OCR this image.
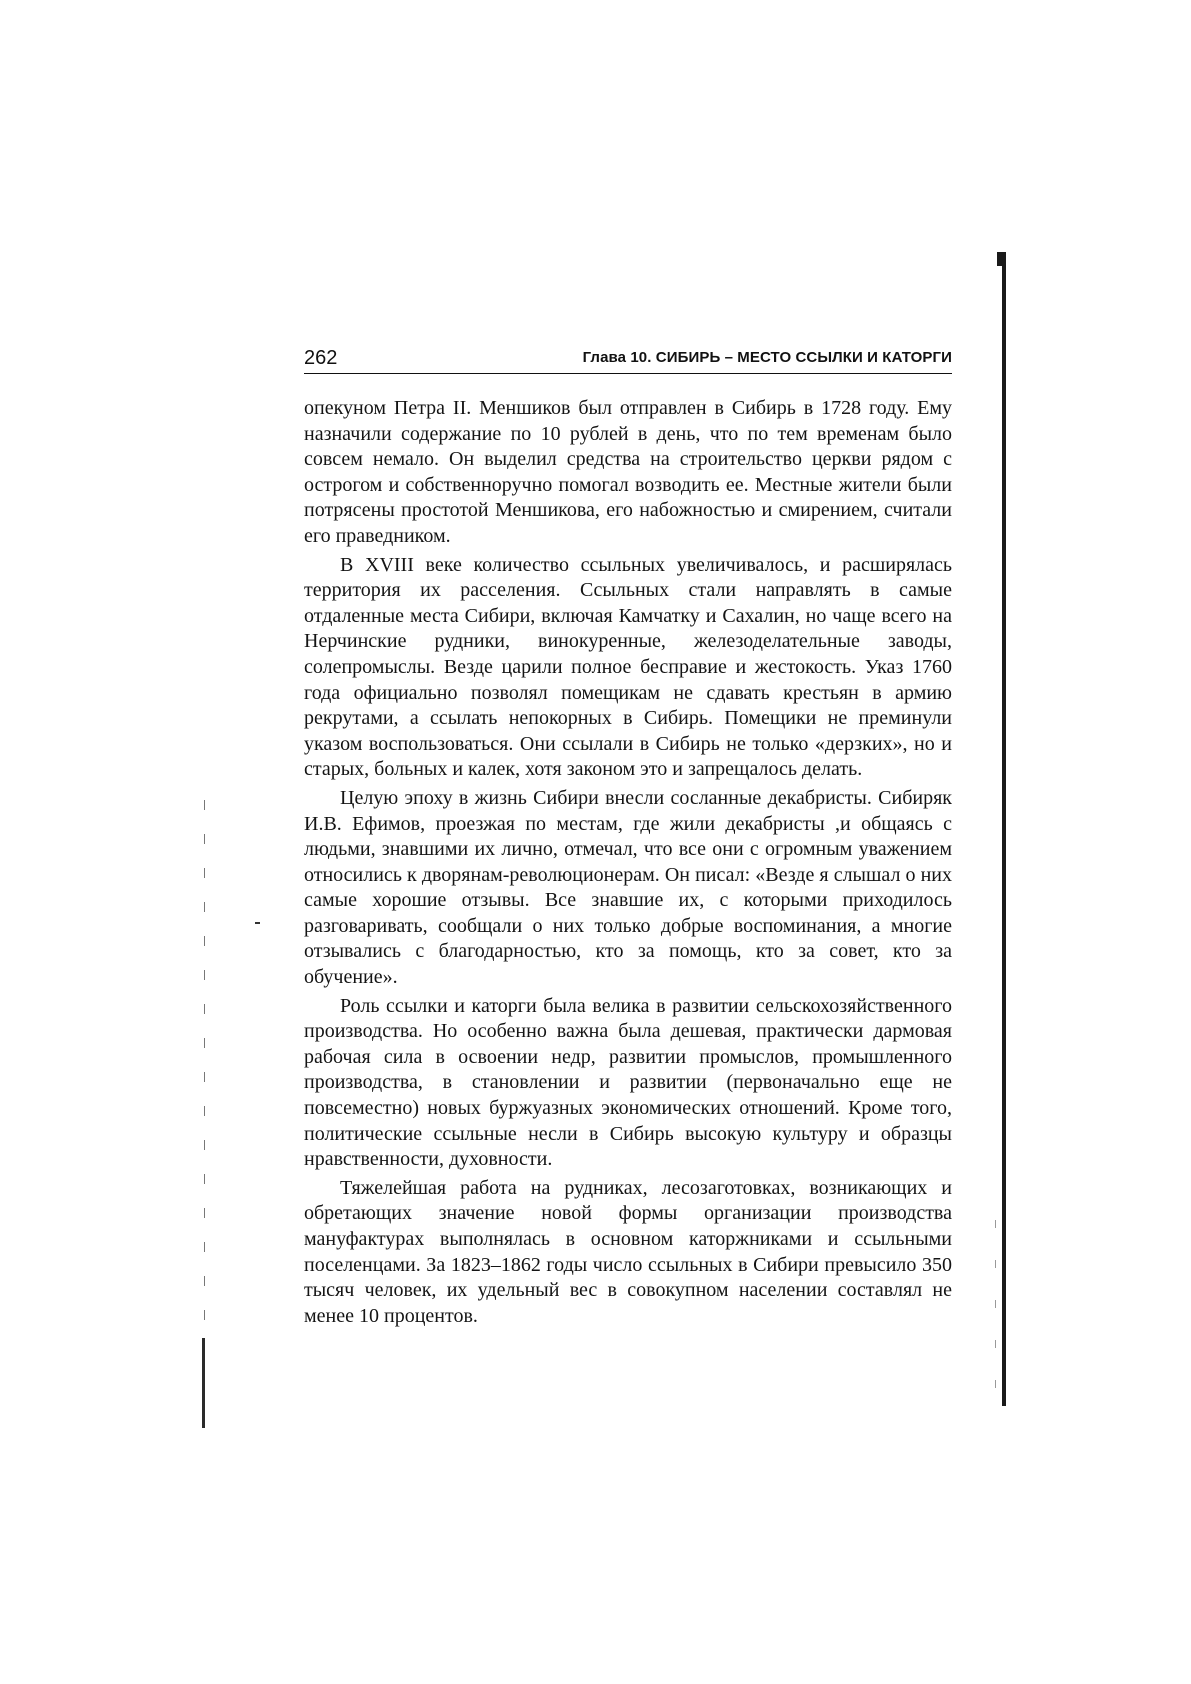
262	Глава 10. СИБИРЬ – МЕСТО ССЫЛКИ И КАТОРГИ

опекуном Петра II. Меншиков был отправлен в Сибирь в 1728 году. Ему назначили содержание по 10 рублей в день, что по тем временам было совсем немало. Он выделил средства на строительство церкви рядом с острогом и собственноручно помогал возводить ее. Местные жители были потрясены простотой Меншикова, его набожностью и смирением, считали его праведником.

В XVIII веке количество ссыльных увеличивалось, и расширялась территория их расселения. Ссыльных стали направлять в самые отдаленные места Сибири, включая Камчатку и Сахалин, но чаще всего на Нерчинские рудники, винокуренные, железоделательные заводы, солепромыслы. Везде царили полное бесправие и жестокость. Указ 1760 года официально позволял помещикам не сдавать крестьян в армию рекрутами, а ссылать непокорных в Сибирь. Помещики не преминули указом воспользоваться. Они ссылали в Сибирь не только «дерзких», но и старых, больных и калек, хотя законом это и запрещалось делать.

Целую эпоху в жизнь Сибири внесли сосланные декабристы. Сибиряк И.В. Ефимов, проезжая по местам, где жили декабристы ,и общаясь с людьми, знавшими их лично, отмечал, что все они с огромным уважением относились к дворянам-революционерам. Он писал: «Везде я слышал о них самые хорошие отзывы. Все знавшие их, с которыми приходилось разговаривать, сообщали о них только добрые воспоминания, а многие отзывались с благодарностью, кто за помощь, кто за совет, кто за обучение».

Роль ссылки и каторги была велика в развитии сельскохозяйственного производства. Но особенно важна была дешевая, практически дармовая рабочая сила в освоении недр, развитии промыслов, промышленного производства, в становлении и развитии (первоначально еще не повсеместно) новых буржуазных экономических отношений. Кроме того, политические ссыльные несли в Сибирь высокую культуру и образцы нравственности, духовности.

Тяжелейшая работа на рудниках, лесозаготовках, возникающих и обретающих значение новой формы организации производства мануфактурах выполнялась в основном каторжниками и ссыльными поселенцами. За 1823–1862 годы число ссыльных в Сибири превысило 350 тысяч человек, их удельный вес в совокупном населении составлял не менее 10 процентов.
